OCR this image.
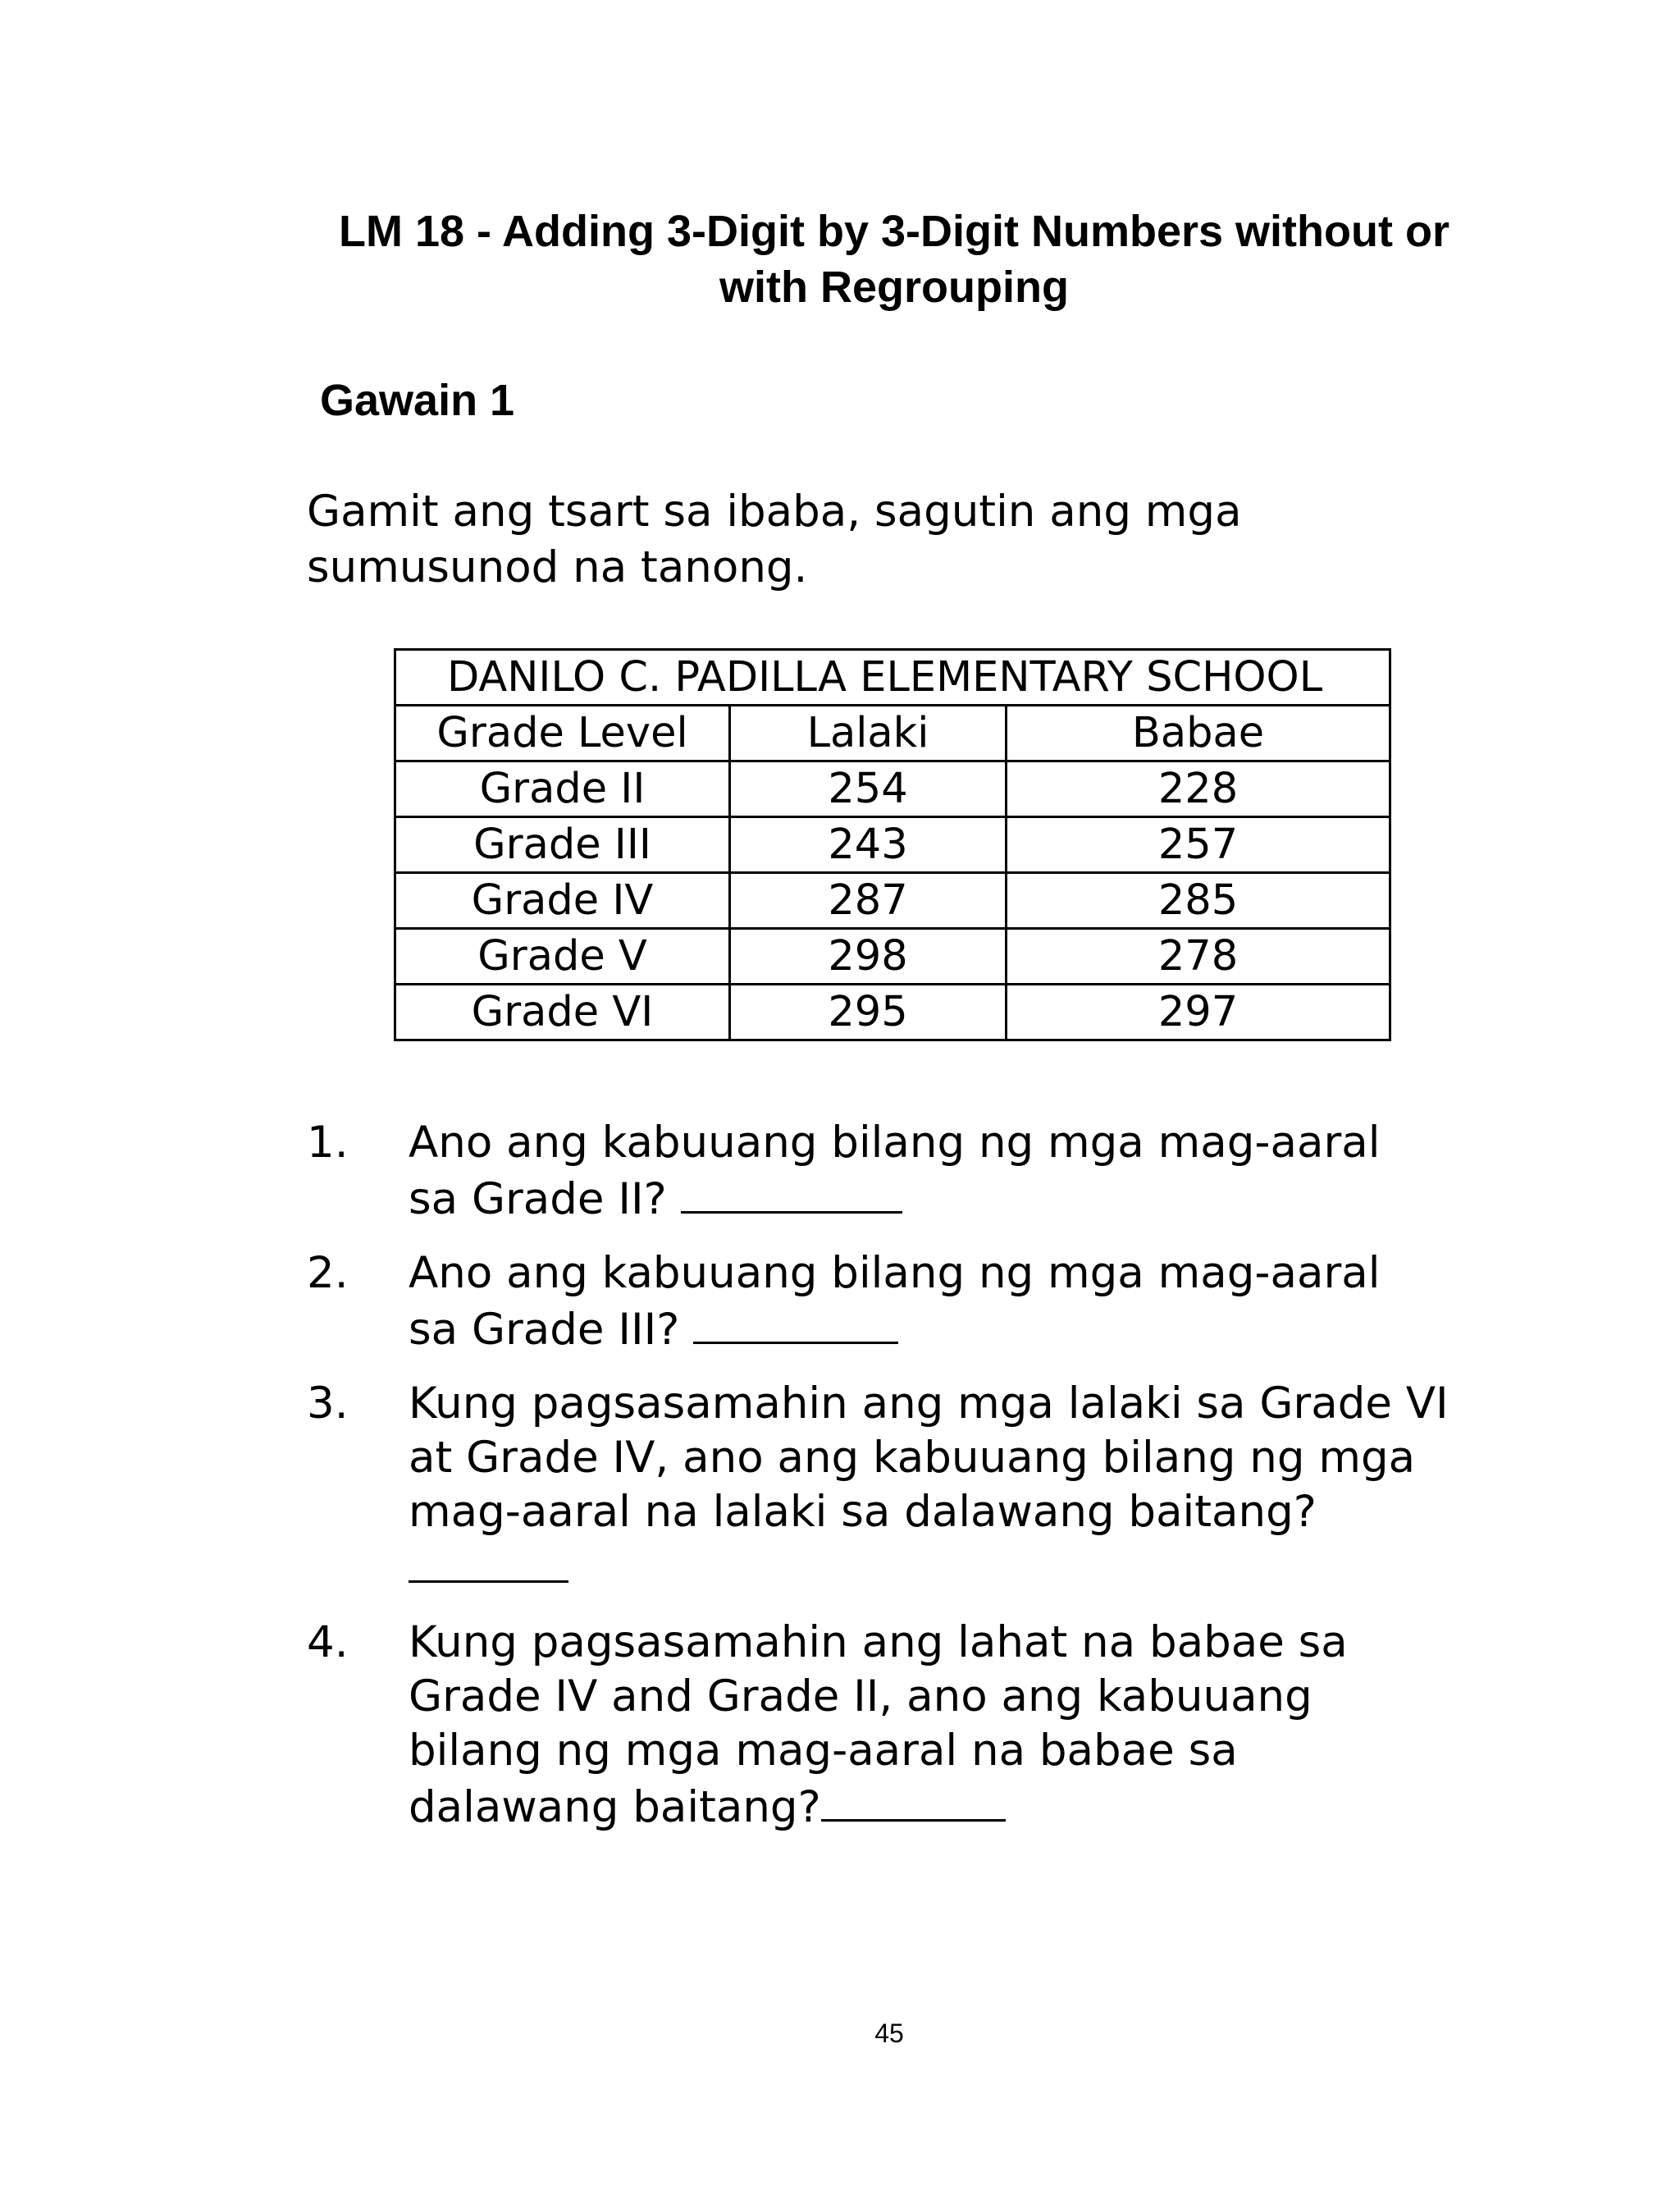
LM 18 - Adding 3-Digit by 3-Digit Numbers without or
with Regrouping
Gawain 1
Gamit ang tsart sa ibaba, sagutin ang mga
sumusunod na tanong.
DANILO C. PADILLA ELEMENTARY SCHOOL		
Grade Level	Lalaki	Babae
Grade II	254	228
Grade III	243	257
Grade IV	287	285
Grade V	298	278
Grade VI	295	297
1. Ano ang kabuuang bilang ng mga mag-aaral
sa Grade II?
2. Ano ang kabuuang bilang ng mga mag-aaral
sa Grade III?
3. Kung pagsasamahin ang mga lalaki sa Grade VI
at Grade IV, ano ang kabuuang bilang ng mga
mag-aaral na lalaki sa dalawang baitang?
4. Kung pagsasamahin ang lahat na babae sa
Grade IV and Grade II, ano ang kabuuang
bilang ng mga mag-aaral na babae sa
dalawang baitang?
45
